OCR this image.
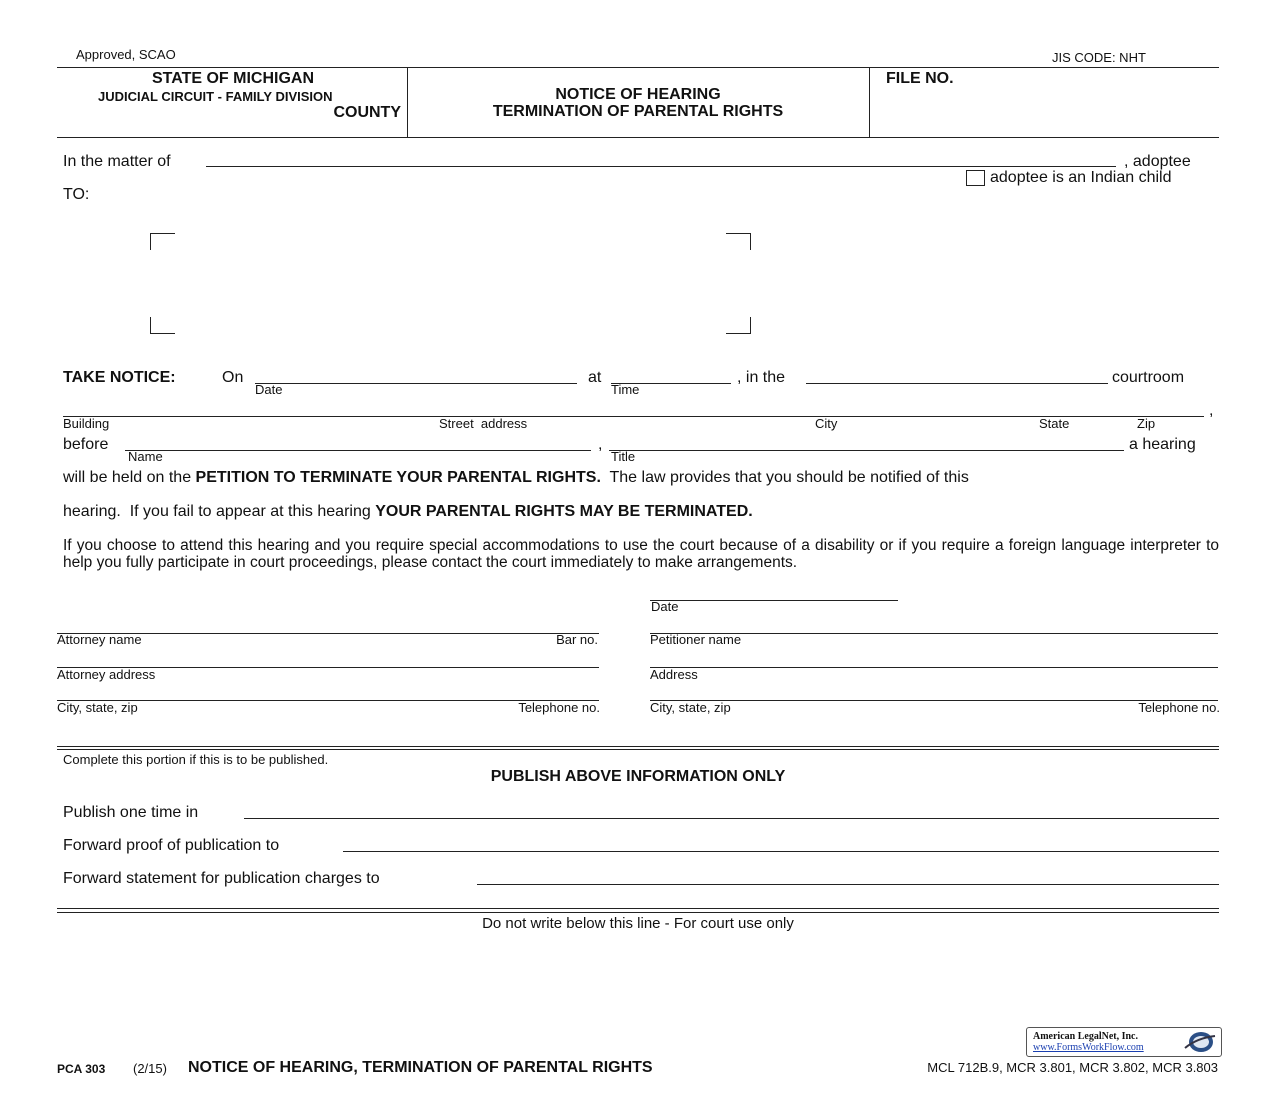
Approved, SCAO	JIS CODE: NHT
STATE OF MICHIGAN
JUDICIAL CIRCUIT - FAMILY DIVISION
COUNTY
NOTICE OF HEARING
TERMINATION OF PARENTAL RIGHTS
FILE NO.
In the matter of	, adoptee
adoptee is an Indian child
TO:
TAKE NOTICE:	On
Date
at
Time
, in the	courtroom
,
Building	Street  address	City	State	Zip
before
Name
,
Title
a hearing
will be held on the PETITION TO TERMINATE YOUR PARENTAL RIGHTS.  The law provides that you should be notified of this
hearing.  If you fail to appear at this hearing YOUR PARENTAL RIGHTS MAY BE TERMINATED.
If you choose to attend this hearing and you require special accommodations to use the court because of a disability or if you require a foreign language interpreter to help you fully participate in court proceedings, please contact the court immediately to make arrangements.
Date
Attorney name	Bar no.
Attorney address
City, state, zip	Telephone no.
Petitioner name
Address
City, state, zip	Telephone no.
Complete this portion if this is to be published.
PUBLISH ABOVE INFORMATION ONLY
Publish one time in
Forward proof of publication to
Forward statement for publication charges to
Do not write below this line - For court use only
American LegalNet, Inc.
www.FormsWorkFlow.com
PCA 303 (2/15) NOTICE OF HEARING, TERMINATION OF PARENTAL RIGHTS	MCL 712B.9, MCR 3.801, MCR 3.802, MCR 3.803
